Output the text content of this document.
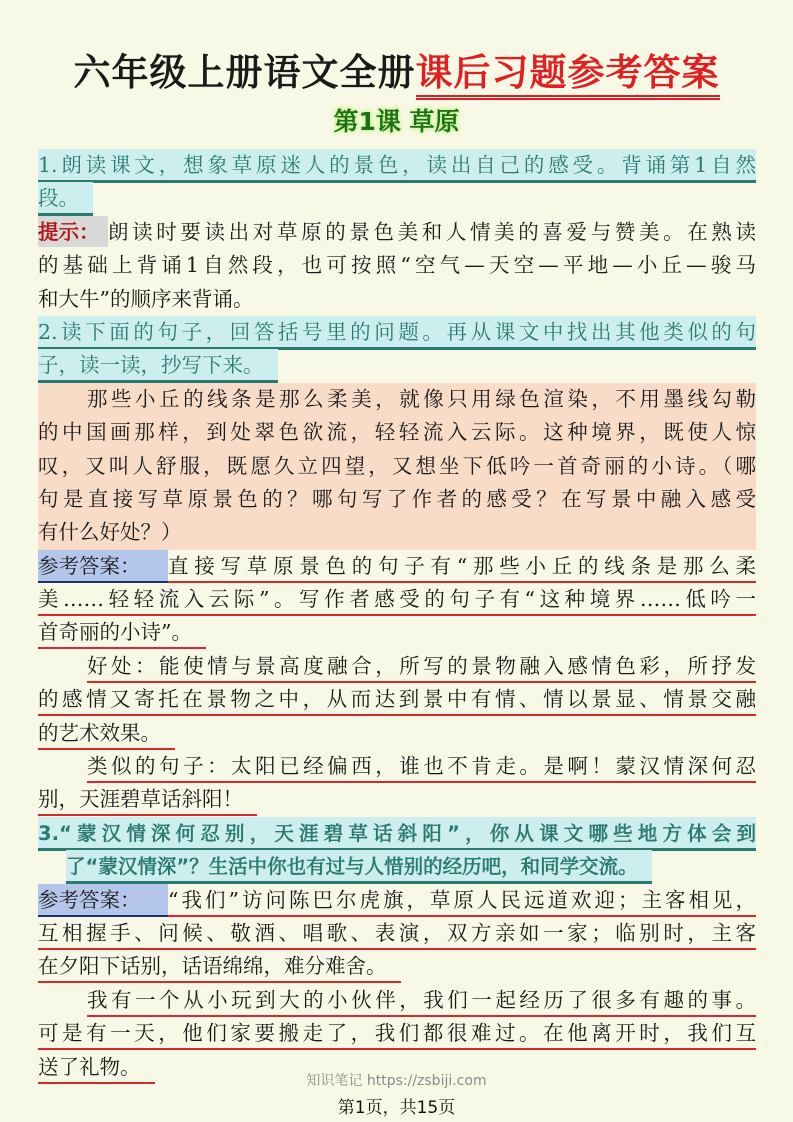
六年级上册语文全册课后习题参考答案
第1课 草原
1.朗读课文，想象草原迷人的景色，读出自己的感受。背诵第1自然
段。
提示： 朗读时要读出对草原的景色美和人情美的喜爱与赞美。在熟读
的基础上背诵1自然段，也可按照“空气—天空—平地—小丘—骏马
和大牛”的顺序来背诵。
2.读下面的句子，回答括号里的问题。再从课文中找出其他类似的句
子，读一读，抄写下来。
那些小丘的线条是那么柔美，就像只用绿色渲染，不用墨线勾勒
的中国画那样，到处翠色欲流，轻轻流入云际。这种境界，既使人惊
叹，又叫人舒服，既愿久立四望，又想坐下低吟一首奇丽的小诗。（哪
句是直接写草原景色的？哪句写了作者的感受？在写景中融入感受
有什么好处？）
参考答案： 直接写草原景色的句子有“那些小丘的线条是那么柔
美……轻轻流入云际”。写作者感受的句子有“这种境界……低吟一
首奇丽的小诗”。
好处：能使情与景高度融合，所写的景物融入感情色彩，所抒发
的感情又寄托在景物之中，从而达到景中有情、情以景显、情景交融
的艺术效果。
类似的句子：太阳已经偏西，谁也不肯走。是啊！蒙汉情深何忍
别，天涯碧草话斜阳！
3.“蒙汉情深何忍别，天涯碧草话斜阳”，你从课文哪些地方体会到
了“蒙汉情深”？生活中你也有过与人惜别的经历吧，和同学交流。
参考答案： “我们”访问陈巴尔虎旗，草原人民远道欢迎；主客相见，
互相握手、问候、敬酒、唱歌、表演，双方亲如一家；临别时，主客
在夕阳下话别，话语绵绵，难分难舍。
我有一个从小玩到大的小伙伴，我们一起经历了很多有趣的事。
可是有一天，他们家要搬走了，我们都很难过。在他离开时，我们互
送了礼物。
知识笔记 https://zsbiji.com
第1页，共15页
